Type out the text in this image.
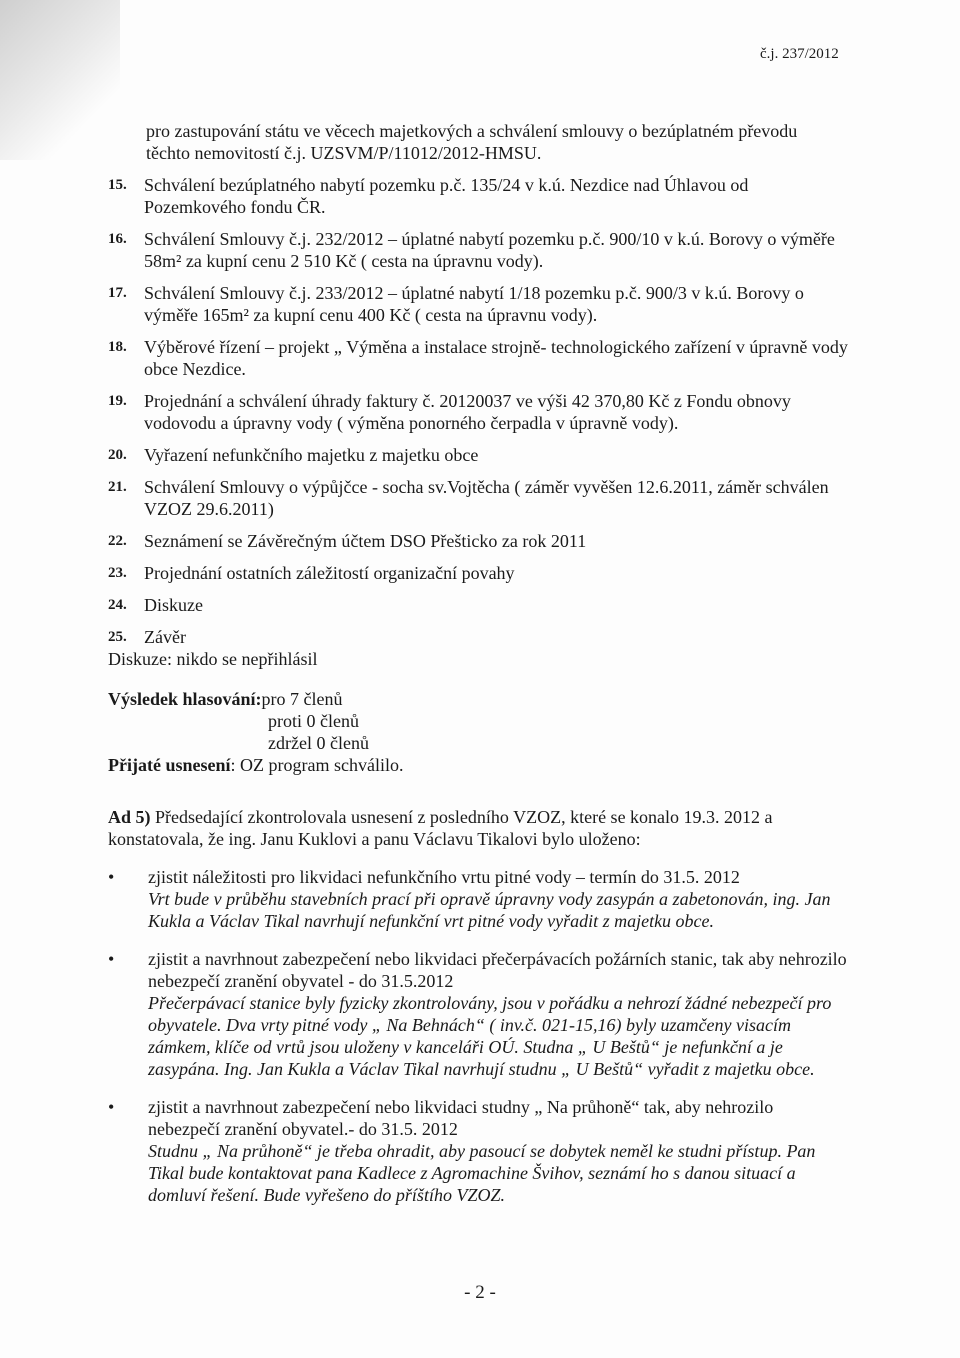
č.j. 237/2012
pro zastupování státu ve věcech majetkových a schválení smlouvy o bezúplatném převodu
těchto nemovitostí č.j. UZSVM/P/11012/2012-HMSU.
15. Schválení bezúplatného nabytí pozemku p.č. 135/24 v k.ú. Nezdice nad Úhlavou od Pozemkového fondu ČR.
16. Schválení Smlouvy č.j. 232/2012 – úplatné nabytí pozemku p.č. 900/10 v k.ú. Borovy o výměře 58m² za kupní cenu 2 510 Kč ( cesta na úpravnu vody).
17. Schválení Smlouvy č.j. 233/2012 – úplatné nabytí 1/18 pozemku p.č. 900/3 v k.ú. Borovy o výměře 165m² za kupní cenu 400 Kč ( cesta na úpravnu vody).
18. Výběrové řízení – projekt „ Výměna a instalace strojně- technologického zařízení v úpravně vody obce Nezdice.
19. Projednání a schválení úhrady faktury č. 20120037 ve výši 42 370,80 Kč z Fondu obnovy vodovodu a úpravny vody ( výměna ponorného čerpadla v úpravně vody).
20. Vyřazení nefunkčního majetku z majetku obce
21. Schválení Smlouvy o výpůjčce - socha sv.Vojtěcha ( záměr vyvěšen 12.6.2011, záměr schválen VZOZ 29.6.2011)
22. Seznámení se Závěrečným účtem DSO Přešticko za rok 2011
23. Projednání ostatních záležitostí organizační povahy
24. Diskuze
25. Závěr

Diskuze: nikdo se nepřihlásil

Výsledek hlasování: pro 7 členů
proti 0 členů
zdržel 0 členů
Přijaté usnesení : OZ program schválilo.
Ad 5) Předsedající zkontrolovala usnesení z posledního VZOZ, které se konalo 19.3. 2012 a konstatovala, že ing. Janu Kuklovi a panu Václavu Tikalovi bylo uloženo:
•	zjistit náležitosti pro likvidaci nefunkčního vrtu pitné vody – termín do 31.5. 2012
Vrt bude v průběhu stavebních prací při opravě úpravny vody zasypán a zabetonován, ing. Jan Kukla a Václav Tikal navrhují nefunkční vrt pitné vody vyřadit z majetku obce.
•	zjistit a navrhnout zabezpečení nebo likvidaci přečerpávacích požárních stanic, tak aby nehrozilo nebezpečí zranění obyvatel - do 31.5.2012
Přečerpávací stanice byly fyzicky zkontrolovány, jsou v pořádku a nehrozí žádné nebezpečí pro obyvatele. Dva vrty pitné vody „ Na Behnách“ ( inv.č. 021-15,16) byly uzamčeny visacím zámkem, klíče od vrtů jsou uloženy v kanceláři OÚ. Studna „ U Beštů“ je nefunkční a je zasypána. Ing. Jan Kukla a Václav Tikal navrhují studnu „ U Beštů“ vyřadit z majetku obce.
•	zjistit a navrhnout zabezpečení nebo likvidaci studny „ Na průhoně“ tak, aby nehrozilo nebezpečí zranění obyvatel.- do 31.5. 2012
Studnu „ Na průhoně“ je třeba ohradit, aby pasoucí se dobytek neměl ke studni přístup. Pan Tikal bude kontaktovat pana Kadlece z Agromachine Švihov, seznámí ho s danou situací a domluví řešení. Bude vyřešeno do příštího VZOZ.
- 2 -
